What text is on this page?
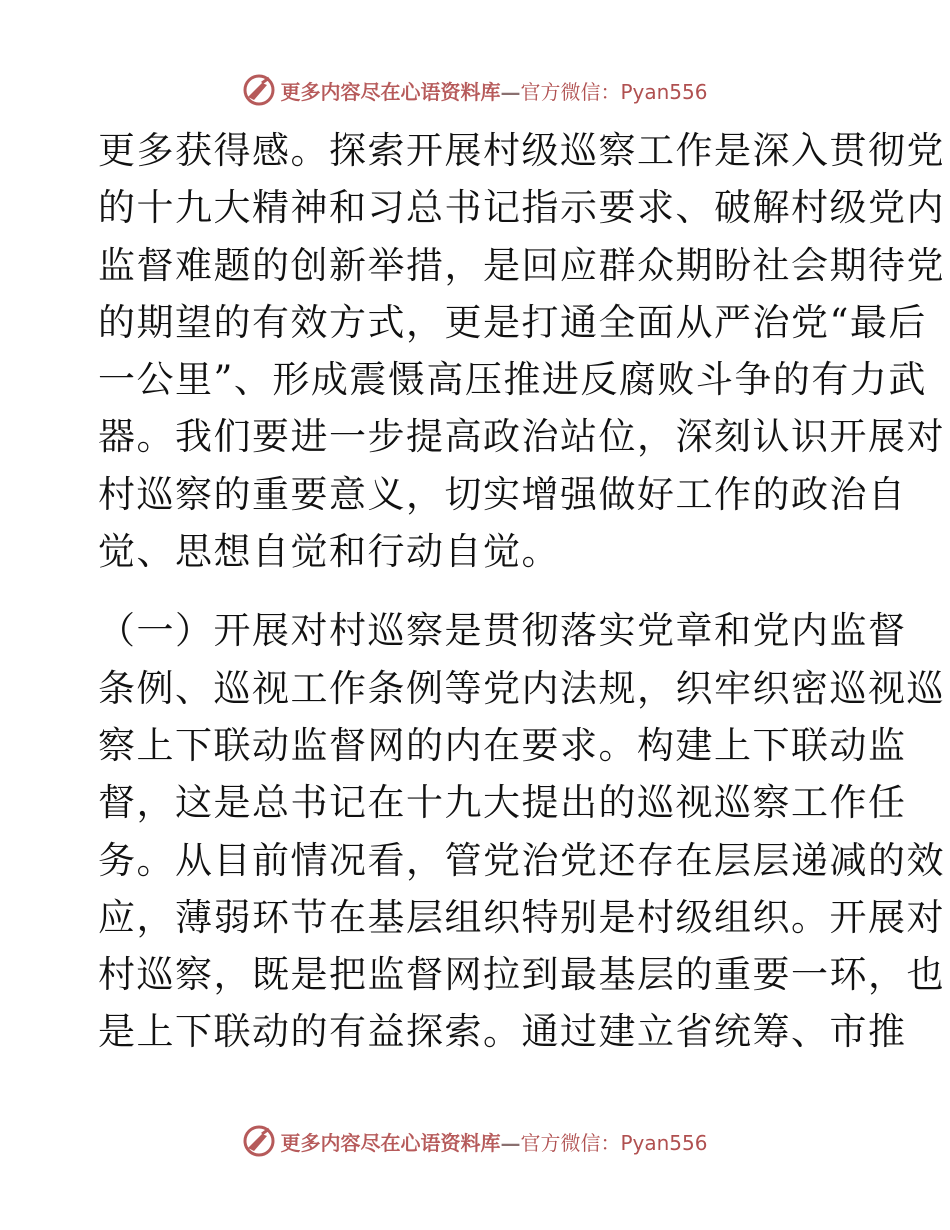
更多内容尽在心语资料库—官方微信：Pyan556
更多获得感。探索开展村级巡察工作是深入贯彻党
的十九大精神和习总书记指示要求、破解村级党内
监督难题的创新举措，是回应群众期盼社会期待党
的期望的有效方式，更是打通全面从严治党“最后
一公里”、形成震慑高压推进反腐败斗争的有力武
器。我们要进一步提高政治站位，深刻认识开展对
村巡察的重要意义，切实增强做好工作的政治自
觉、思想自觉和行动自觉。
（一）开展对村巡察是贯彻落实党章和党内监督
条例、巡视工作条例等党内法规，织牢织密巡视巡
察上下联动监督网的内在要求。构建上下联动监
督，这是总书记在十九大提出的巡视巡察工作任
务。从目前情况看，管党治党还存在层层递减的效
应，薄弱环节在基层组织特别是村级组织。开展对
村巡察，既是把监督网拉到最基层的重要一环，也
是上下联动的有益探索。通过建立省统筹、市推
更多内容尽在心语资料库—官方微信：Pyan556
